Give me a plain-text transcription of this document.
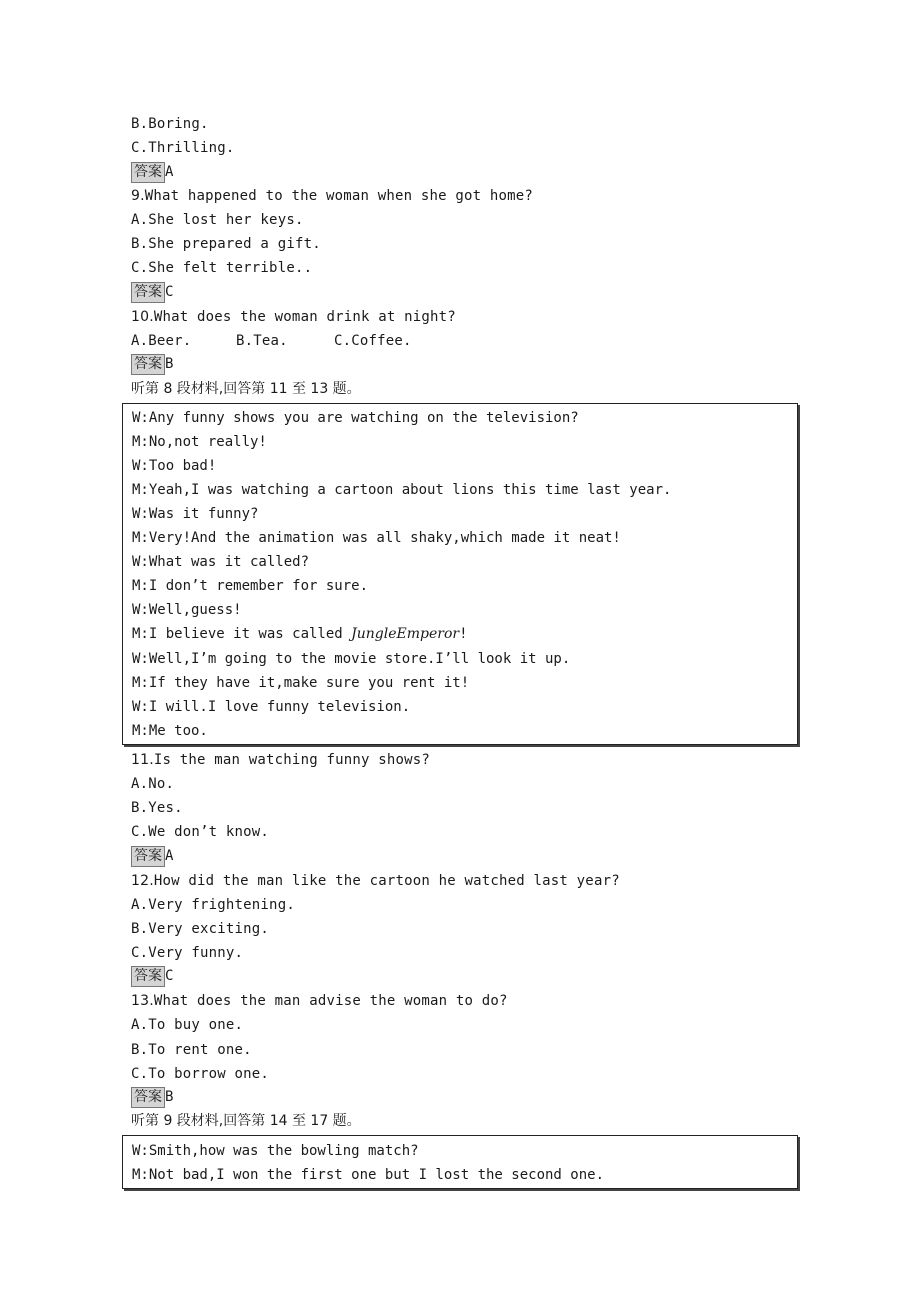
B.Boring.
C.Thrilling.
答案 A
9.What happened to the woman when she got home?
A.She lost her keys.
B.She prepared a gift.
C.She felt terrible..
答案 C
10.What does the woman drink at night?
A.Beer.	B.Tea.	C.Coffee.
答案 B
听第 8 段材料,回答第 11 至 13 题。
W:Any funny shows you are watching on the television?
M:No,not really!
W:Too bad!
M:Yeah,I was watching a cartoon about lions this time last year.
W:Was it funny?
M:Very!And the animation was all shaky,which made it neat!
W:What was it called?
M:I don’t remember for sure.
W:Well,guess!
M:I believe it was called JungleEmperor!
W:Well,I’m going to the movie store.I’ll look it up.
M:If they have it,make sure you rent it!
W:I will.I love funny television.
M:Me too.
11.Is the man watching funny shows?
A.No.
B.Yes.
C.We don’t know.
答案 A
12.How did the man like the cartoon he watched last year?
A.Very frightening.
B.Very exciting.
C.Very funny.
答案 C
13.What does the man advise the woman to do?
A.To buy one.
B.To rent one.
C.To borrow one.
答案 B
听第 9 段材料,回答第 14 至 17 题。
W:Smith,how was the bowling match?
M:Not bad,I won the first one but I lost the second one.
